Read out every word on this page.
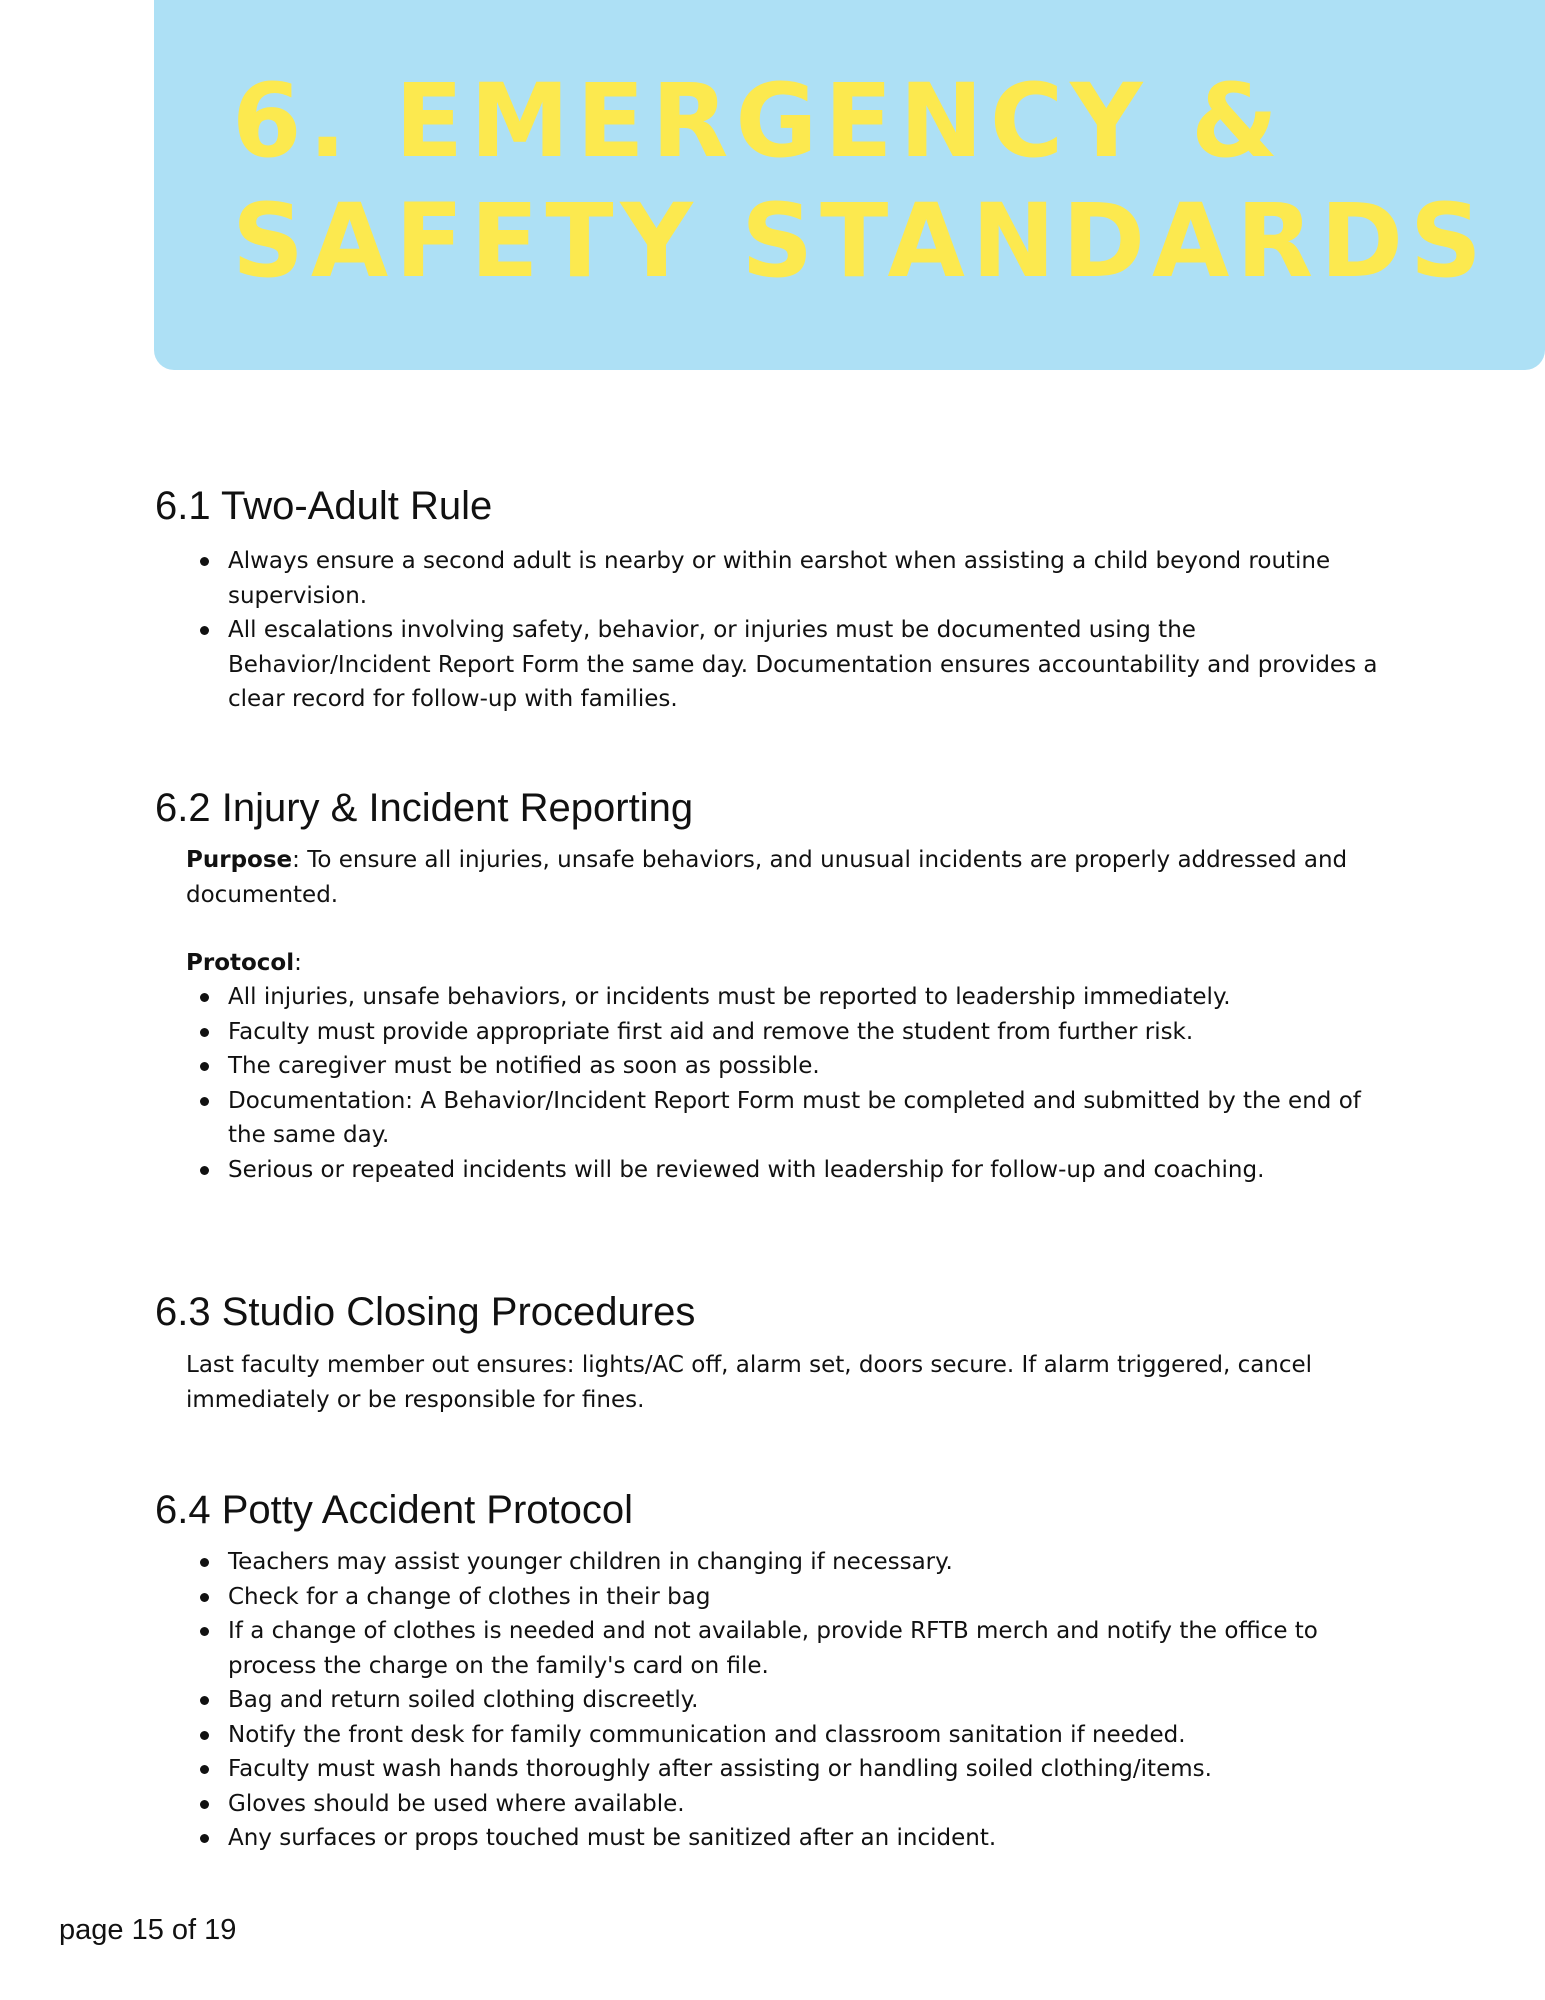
6. EMERGENCY &
SAFETY STANDARDS
6.1 Two-Adult Rule
Always ensure a second adult is nearby or within earshot when assisting a child beyond routine supervision.
All escalations involving safety, behavior, or injuries must be documented using the Behavior/Incident Report Form the same day. Documentation ensures accountability and provides a clear record for follow-up with families.
6.2 Injury & Incident Reporting

Purpose: To ensure all injuries, unsafe behaviors, and unusual incidents are properly addressed and documented.

Protocol:

All injuries, unsafe behaviors, or incidents must be reported to leadership immediately.
Faculty must provide appropriate first aid and remove the student from further risk.
The caregiver must be notified as soon as possible.
Documentation: A Behavior/Incident Report Form must be completed and submitted by the end of the same day.
Serious or repeated incidents will be reviewed with leadership for follow-up and coaching.
6.3 Studio Closing Procedures

Last faculty member out ensures: lights/AC off, alarm set, doors secure. If alarm triggered, cancel immediately or be responsible for fines.

6.4 Potty Accident Protocol
Teachers may assist younger children in changing if necessary.
Check for a change of clothes in their bag
If a change of clothes is needed and not available, provide RFTB merch and notify the office to process the charge on the family's card on file.
Bag and return soiled clothing discreetly.
Notify the front desk for family communication and classroom sanitation if needed.
Faculty must wash hands thoroughly after assisting or handling soiled clothing/items.
Gloves should be used where available.
Any surfaces or props touched must be sanitized after an incident.
page 15 of 19
